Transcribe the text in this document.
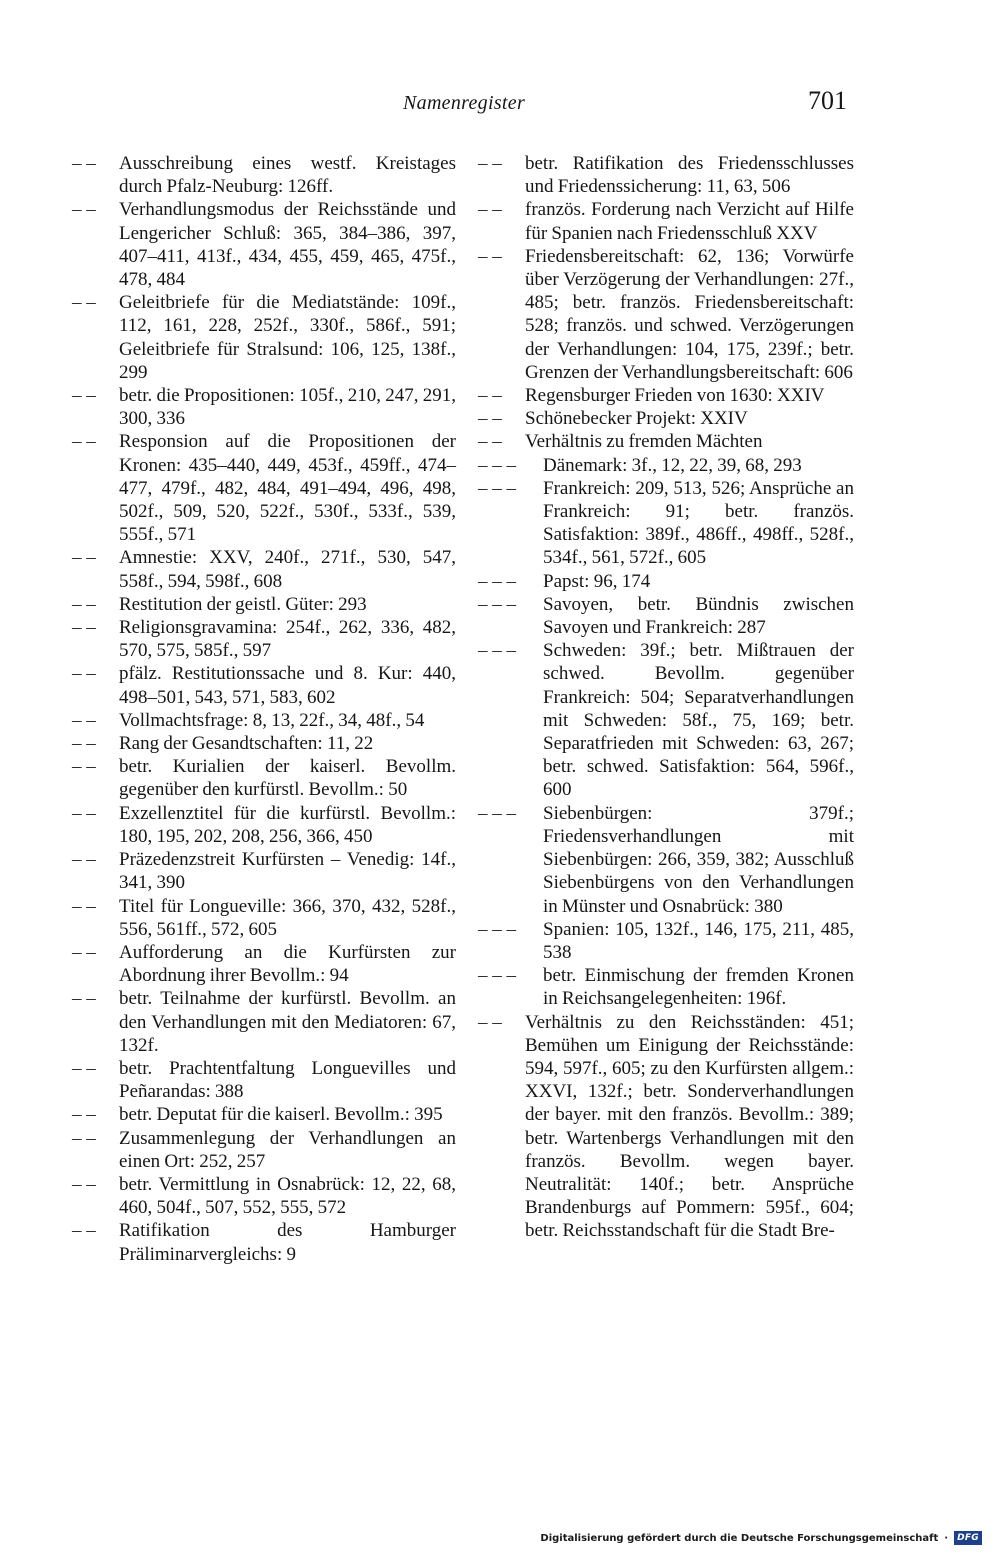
Namenregister	701
– –	Ausschreibung eines westf. Kreistages durch Pfalz-Neuburg: 126ff.
– –	Verhandlungsmodus der Reichsstände und Lengericher Schluß: 365, 384–386, 397, 407–411, 413f., 434, 455, 459, 465, 475f., 478, 484
– –	Geleitbriefe für die Mediatstände: 109f., 112, 161, 228, 252f., 330f., 586f., 591; Geleitbriefe für Stralsund: 106, 125, 138f., 299
– –	betr. die Propositionen: 105f., 210, 247, 291, 300, 336
– –	Responsion auf die Propositionen der Kronen: 435–440, 449, 453f., 459ff., 474–477, 479f., 482, 484, 491–494, 496, 498, 502f., 509, 520, 522f., 530f., 533f., 539, 555f., 571
– –	Amnestie: XXV, 240f., 271f., 530, 547, 558f., 594, 598f., 608
– –	Restitution der geistl. Güter: 293
– –	Religionsgravamina: 254f., 262, 336, 482, 570, 575, 585f., 597
– –	pfälz. Restitutionssache und 8. Kur: 440, 498–501, 543, 571, 583, 602
– –	Vollmachtsfrage: 8, 13, 22f., 34, 48f., 54
– –	Rang der Gesandtschaften: 11, 22
– –	betr. Kurialien der kaiserl. Bevollm. gegenüber den kurfürstl. Bevollm.: 50
– –	Exzellenztitel für die kurfürstl. Bevollm.: 180, 195, 202, 208, 256, 366, 450
– –	Präzedenzstreit Kurfürsten – Venedig: 14f., 341, 390
– –	Titel für Longueville: 366, 370, 432, 528f., 556, 561ff., 572, 605
– –	Aufforderung an die Kurfürsten zur Abordnung ihrer Bevollm.: 94
– –	betr. Teilnahme der kurfürstl. Bevollm. an den Verhandlungen mit den Mediatoren: 67, 132f.
– –	betr. Prachtentfaltung Longuevilles und Peñarandas: 388
– –	betr. Deputat für die kaiserl. Bevollm.: 395
– –	Zusammenlegung der Verhandlungen an einen Ort: 252, 257
– –	betr. Vermittlung in Osnabrück: 12, 22, 68, 460, 504f., 507, 552, 555, 572
– –	Ratifikation des Hamburger Präliminarvergleichs: 9
– –	betr. Ratifikation des Friedensschlusses und Friedenssicherung: 11, 63, 506
– –	französ. Forderung nach Verzicht auf Hilfe für Spanien nach Friedensschluß XXV
– –	Friedensbereitschaft: 62, 136; Vorwürfe über Verzögerung der Verhandlungen: 27f., 485; betr. französ. Friedensbereitschaft: 528; französ. und schwed. Verzögerungen der Verhandlungen: 104, 175, 239f.; betr. Grenzen der Verhandlungsbereitschaft: 606
– –	Regensburger Frieden von 1630: XXIV
– –	Schönebecker Projekt: XXIV
– –	Verhältnis zu fremden Mächten
– – –	Dänemark: 3f., 12, 22, 39, 68, 293
– – –	Frankreich: 209, 513, 526; Ansprüche an Frankreich: 91; betr. französ. Satisfaktion: 389f., 486ff., 498ff., 528f., 534f., 561, 572f., 605
– – –	Papst: 96, 174
– – –	Savoyen, betr. Bündnis zwischen Savoyen und Frankreich: 287
– – –	Schweden: 39f.; betr. Mißtrauen der schwed. Bevollm. gegenüber Frankreich: 504; Separatverhandlungen mit Schweden: 58f., 75, 169; betr. Separatfrieden mit Schweden: 63, 267; betr. schwed. Satisfaktion: 564, 596f., 600
– – –	Siebenbürgen: 379f.; Friedensverhandlungen mit Siebenbürgen: 266, 359, 382; Ausschluß Siebenbürgens von den Verhandlungen in Münster und Osnabrück: 380
– – –	Spanien: 105, 132f., 146, 175, 211, 485, 538
– – –	betr. Einmischung der fremden Kronen in Reichsangelegenheiten: 196f.
– –	Verhältnis zu den Reichsständen: 451; Bemühen um Einigung der Reichsstände: 594, 597f., 605; zu den Kurfürsten allgem.: XXVI, 132f.; betr. Sonderverhandlungen der bayer. mit den französ. Bevollm.: 389; betr. Wartenbergs Verhandlungen mit den französ. Bevollm. wegen bayer. Neutralität: 140f.; betr. Ansprüche Brandenburgs auf Pommern: 595f., 604; betr. Reichsstandschaft für die Stadt Bre-
Digitalisierung gefördert durch die Deutsche Forschungsgemeinschaft ·	DFG
